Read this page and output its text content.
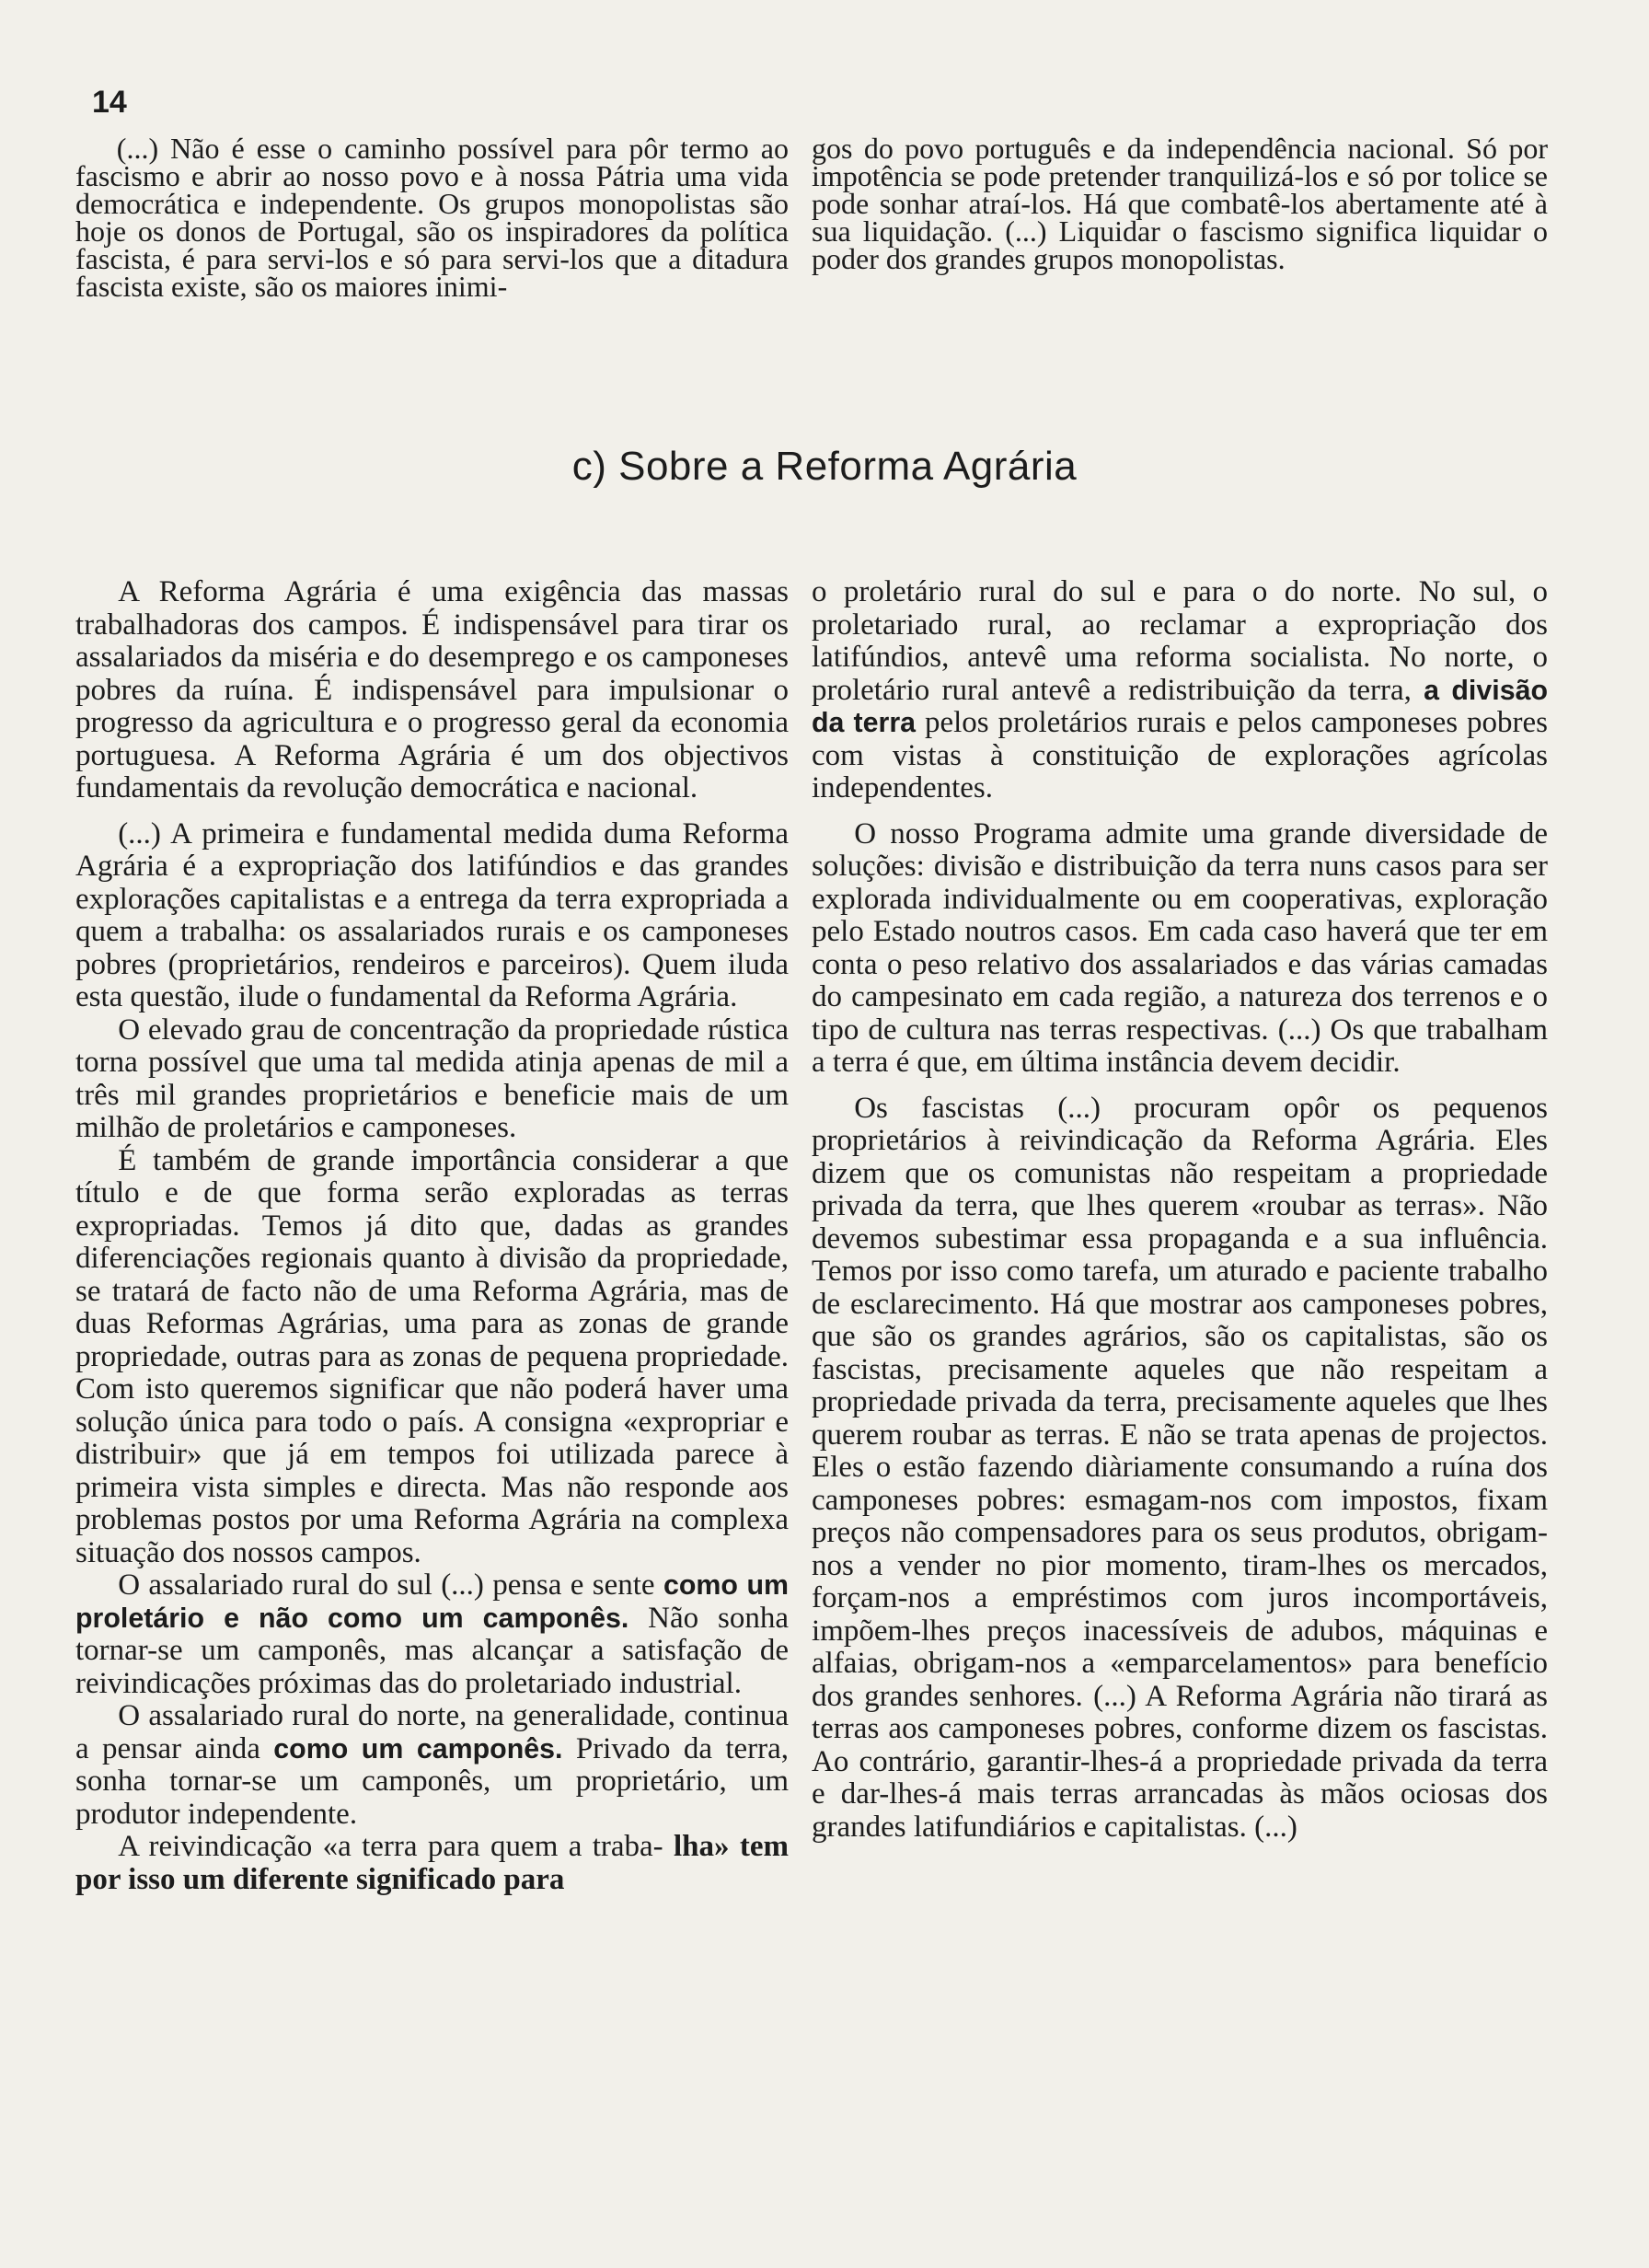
14

(...) Não é esse o caminho possível para pôr termo ao fascismo e abrir ao nosso povo e à nossa Pátria uma vida democrática e independente. Os grupos monopolistas são hoje os donos de Portugal, são os inspiradores da política fascista, é para servi-los e só para servi-los que a ditadura fascista existe, são os maiores inimi-

gos do povo português e da independência nacional. Só por impotência se pode pretender tranquilizá-los e só por tolice se pode sonhar atraí-los. Há que combatê-los abertamente até à sua liquidação. (...) Liquidar o fascismo significa liquidar o poder dos grandes grupos monopolistas.

c) Sobre a Reforma Agrária

A Reforma Agrária é uma exigência das massas trabalhadoras dos campos. É indispensável para tirar os assalariados da miséria e do desemprego e os camponeses pobres da ruína. É indispensável para impulsionar o progresso da agricultura e o progresso geral da economia portuguesa. A Reforma Agrária é um dos objectivos fundamentais da revolução democrática e nacional.

(...) A primeira e fundamental medida duma Reforma Agrária é a expropriação dos latifúndios e das grandes explorações capitalistas e a entrega da terra expropriada a quem a trabalha: os assalariados rurais e os camponeses pobres (proprietários, rendeiros e parceiros). Quem iluda esta questão, ilude o fundamental da Reforma Agrária.

O elevado grau de concentração da propriedade rústica torna possível que uma tal medida atinja apenas de mil a três mil grandes proprietários e beneficie mais de um milhão de proletários e camponeses.

É também de grande importância considerar a que título e de que forma serão exploradas as terras expropriadas. Temos já dito que, dadas as grandes diferenciações regionais quanto à divisão da propriedade, se tratará de facto não de uma Reforma Agrária, mas de duas Reformas Agrárias, uma para as zonas de grande propriedade, outras para as zonas de pequena propriedade. Com isto queremos significar que não poderá haver uma solução única para todo o país. A consigna «expropriar e distribuir» que já em tempos foi utilizada parece à primeira vista simples e directa. Mas não responde aos problemas postos por uma Reforma Agrária na complexa situação dos nossos campos.

O assalariado rural do sul (...) pensa e sente como um proletário e não como um camponês. Não sonha tornar-se um camponês, mas alcançar a satisfação de reivindicações próximas das do proletariado industrial.

O assalariado rural do norte, na generalidade, continua a pensar ainda como um camponês. Privado da terra, sonha tornar-se um camponês, um proprietário, um produtor independente.

A reivindicação «a terra para quem a traba- lha» tem por isso um diferente significado para

o proletário rural do sul e para o do norte. No sul, o proletariado rural, ao reclamar a expropriação dos latifúndios, antevê uma reforma socialista. No norte, o proletário rural antevê a redistribuição da terra, a divisão da terra pelos proletários rurais e pelos camponeses pobres com vistas à constituição de explorações agrícolas independentes.

O nosso Programa admite uma grande diversidade de soluções: divisão e distribuição da terra nuns casos para ser explorada individualmente ou em cooperativas, exploração pelo Estado noutros casos. Em cada caso haverá que ter em conta o peso relativo dos assalariados e das várias camadas do campesinato em cada região, a natureza dos terrenos e o tipo de cultura nas terras respectivas. (...) Os que trabalham a terra é que, em última instância devem decidir.

Os fascistas (...) procuram opôr os pequenos proprietários à reivindicação da Reforma Agrária. Eles dizem que os comunistas não respeitam a propriedade privada da terra, que lhes querem «roubar as terras». Não devemos subestimar essa propaganda e a sua influência. Temos por isso como tarefa, um aturado e paciente trabalho de esclarecimento. Há que mostrar aos camponeses pobres, que são os grandes agrários, são os capitalistas, são os fascistas, precisamente aqueles que não respeitam a propriedade privada da terra, precisamente aqueles que lhes querem roubar as terras. E não se trata apenas de projectos. Eles o estão fazendo diàriamente consumando a ruína dos camponeses pobres: esmagam-nos com impostos, fixam preços não compensadores para os seus produtos, obrigam-nos a vender no pior momento, tiram-lhes os mercados, forçam-nos a empréstimos com juros incomportáveis, impõem-lhes preços inacessíveis de adubos, máquinas e alfaias, obrigam-nos a «emparcelamentos» para benefício dos grandes senhores. (...) A Reforma Agrária não tirará as terras aos camponeses pobres, conforme dizem os fascistas. Ao contrário, garantir-lhes-á a propriedade privada da terra e dar-lhes-á mais terras arrancadas às mãos ociosas dos grandes latifundiários e capitalistas. (...)
